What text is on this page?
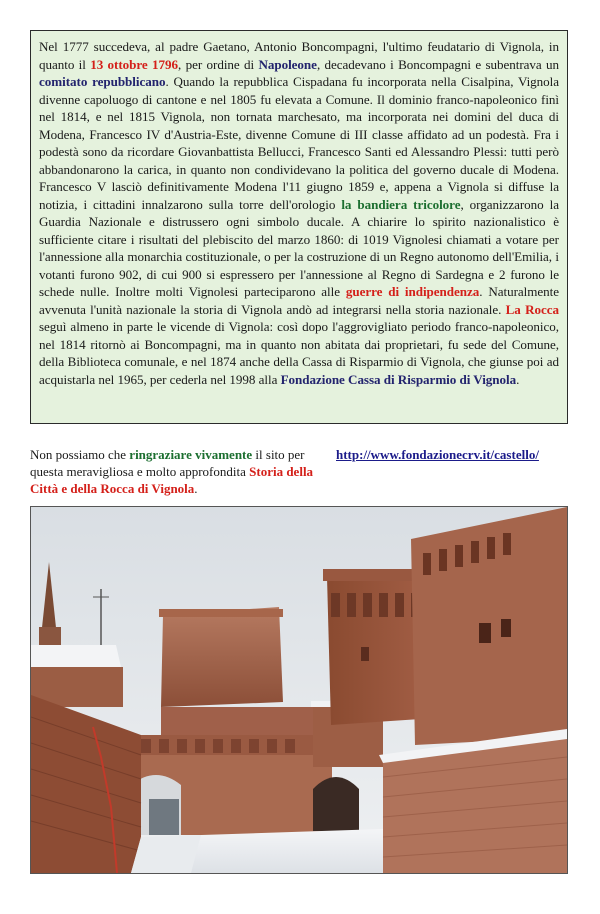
Nel 1777 succedeva, al padre Gaetano, Antonio Boncompagni, l'ultimo feudatario di Vignola, in quanto il 13 ottobre 1796, per ordine di Napoleone, decadevano i Boncompagni e subentrava un comitato repubblicano. Quando la repubblica Cispadana fu incorporata nella Cisalpina, Vignola divenne capoluogo di cantone e nel 1805 fu elevata a Comune. Il dominio franco-napoleonico finì nel 1814, e nel 1815 Vignola, non tornata marchesato, ma incorporata nei domini del duca di Modena, Francesco IV d'Austria-Este, divenne Comune di III classe affidato ad un podestà. Fra i podestà sono da ricordare Giovanbattista Bellucci, Francesco Santi ed Alessandro Plessi: tutti però abbandonarono la carica, in quanto non condividevano la politica del governo ducale di Modena. Francesco V lasciò definitivamente Modena l'11 giugno 1859 e, appena a Vignola si diffuse la notizia, i cittadini innalzarono sulla torre dell'orologio la bandiera tricolore, organizzarono la Guardia Nazionale e distrussero ogni simbolo ducale. A chiarire lo spirito nazionalistico è sufficiente citare i risultati del plebiscito del marzo 1860: di 1019 Vignolesi chiamati a votare per l'annessione alla monarchia costituzionale, o per la costruzione di un Regno autonomo dell'Emilia, i votanti furono 902, di cui 900 si espressero per l'annessione al Regno di Sardegna e 2 furono le schede nulle. Inoltre molti Vignolesi parteciparono alle guerre di indipendenza. Naturalmente avvenuta l'unità nazionale la storia di Vignola andò ad integrarsi nella storia nazionale. La Rocca seguì almeno in parte le vicende di Vignola: così dopo l'aggrovigliato periodo franco-napoleonico, nel 1814 ritornò ai Boncompagni, ma in quanto non abitata dai proprietari, fu sede del Comune, della Biblioteca comunale, e nel 1874 anche della Cassa di Risparmio di Vignola, che giunse poi ad acquistarla nel 1965, per cederla nel 1998 alla Fondazione Cassa di Risparmio di Vignola.

Non possiamo che ringraziare vivamente il sito per questa meravigliosa e molto approfondita Storia della Città e della Rocca di Vignola.
http://www.fondazionecrv.it/castello/
